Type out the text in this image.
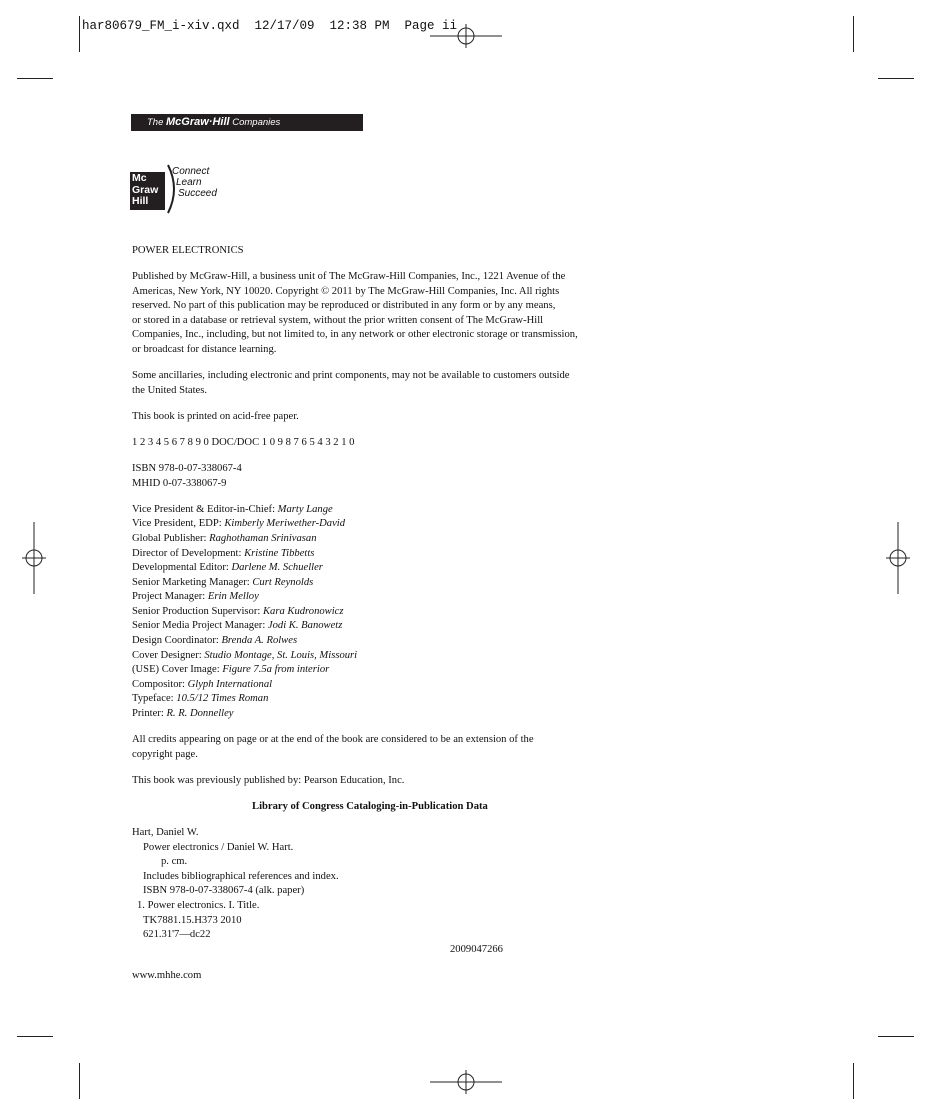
har80679_FM_i-xiv.qxd  12/17/09  12:38 PM  Page ii
The McGraw·Hill Companies
Mc
Graw
Hill
Connect
Learn
Succeed

POWER ELECTRONICS

Published by McGraw-Hill, a business unit of The McGraw-Hill Companies, Inc., 1221 Avenue of the
Americas, New York, NY 10020. Copyright © 2011 by The McGraw-Hill Companies, Inc. All rights
reserved. No part of this publication may be reproduced or distributed in any form or by any means,
or stored in a database or retrieval system, without the prior written consent of The McGraw-Hill
Companies, Inc., including, but not limited to, in any network or other electronic storage or transmission,
or broadcast for distance learning.
Some ancillaries, including electronic and print components, may not be available to customers outside
the United States.

This book is printed on acid-free paper.

1 2 3 4 5 6 7 8 9 0 DOC/DOC 1 0 9 8 7 6 5 4 3 2 1 0

ISBN 978-0-07-338067-4

MHID 0-07-338067-9

Vice President & Editor-in-Chief: Marty Lange
Vice President, EDP: Kimberly Meriwether-David
Global Publisher: Raghothaman Srinivasan
Director of Development: Kristine Tibbetts
Developmental Editor: Darlene M. Schueller
Senior Marketing Manager: Curt Reynolds
Project Manager: Erin Melloy
Senior Production Supervisor: Kara Kudronowicz
Senior Media Project Manager: Jodi K. Banowetz
Design Coordinator: Brenda A. Rolwes
Cover Designer: Studio Montage, St. Louis, Missouri
(USE) Cover Image: Figure 7.5a from interior
Compositor: Glyph International
Typeface: 10.5/12 Times Roman
Printer: R. R. Donnelley
All credits appearing on page or at the end of the book are considered to be an extension of the
copyright page.

This book was previously published by: Pearson Education, Inc.

Library of Congress Cataloging-in-Publication Data

Hart, Daniel W.
Power electronics / Daniel W. Hart.
p. cm.
Includes bibliographical references and index.
ISBN 978-0-07-338067-4 (alk. paper)
1. Power electronics. I. Title.
TK7881.15.H373 2010
621.31'7—dc22
2009047266

www.mhhe.com
